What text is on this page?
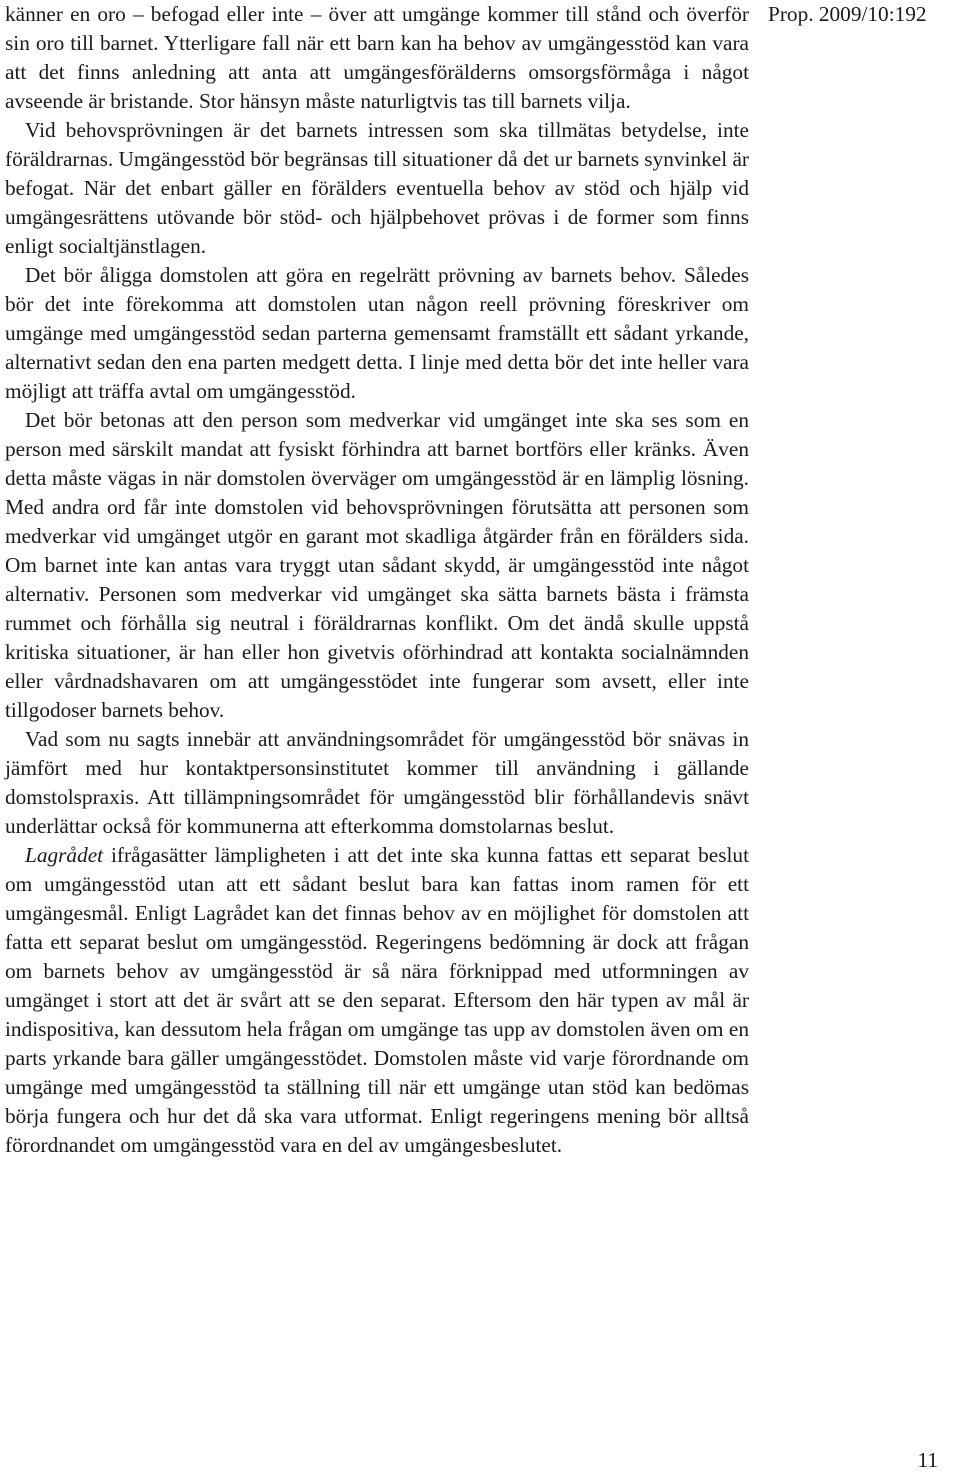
känner en oro – befogad eller inte – över att umgänge kommer till stånd och överför sin oro till barnet. Ytterligare fall när ett barn kan ha behov av umgängesstöd kan vara att det finns anledning att anta att umgängesförälderns omsorgsförmåga i något avseende är bristande. Stor hänsyn måste naturligtvis tas till barnets vilja.

Vid behovsprövningen är det barnets intressen som ska tillmätas betydelse, inte föräldrarnas. Umgängesstöd bör begränsas till situationer då det ur barnets synvinkel är befogat. När det enbart gäller en förälders eventuella behov av stöd och hjälp vid umgängesrättens utövande bör stöd- och hjälpbehovet prövas i de former som finns enligt socialtjänstlagen.

Det bör åligga domstolen att göra en regelrätt prövning av barnets behov. Således bör det inte förekomma att domstolen utan någon reell prövning föreskriver om umgänge med umgängesstöd sedan parterna gemensamt framställt ett sådant yrkande, alternativt sedan den ena parten medgett detta. I linje med detta bör det inte heller vara möjligt att träffa avtal om umgängesstöd.

Det bör betonas att den person som medverkar vid umgänget inte ska ses som en person med särskilt mandat att fysiskt förhindra att barnet bortförs eller kränks. Även detta måste vägas in när domstolen överväger om umgängesstöd är en lämplig lösning. Med andra ord får inte domstolen vid behovsprövningen förutsätta att personen som medverkar vid umgänget utgör en garant mot skadliga åtgärder från en förälders sida. Om barnet inte kan antas vara tryggt utan sådant skydd, är umgängesstöd inte något alternativ. Personen som medverkar vid umgänget ska sätta barnets bästa i främsta rummet och förhålla sig neutral i föräldrarnas konflikt. Om det ändå skulle uppstå kritiska situationer, är han eller hon givetvis oförhindrad att kontakta socialnämnden eller vårdnadshavaren om att umgängesstödet inte fungerar som avsett, eller inte tillgodoser barnets behov.

Vad som nu sagts innebär att användningsområdet för umgängesstöd bör snävas in jämfört med hur kontaktpersonsinstitutet kommer till användning i gällande domstolspraxis. Att tillämpningsområdet för umgängesstöd blir förhållandevis snävt underlättar också för kommunerna att efterkomma domstolarnas beslut.

Lagrådet ifrågasätter lämpligheten i att det inte ska kunna fattas ett separat beslut om umgängesstöd utan att ett sådant beslut bara kan fattas inom ramen för ett umgängesmål. Enligt Lagrådet kan det finnas behov av en möjlighet för domstolen att fatta ett separat beslut om umgängesstöd. Regeringens bedömning är dock att frågan om barnets behov av umgängesstöd är så nära förknippad med utformningen av umgänget i stort att det är svårt att se den separat. Eftersom den här typen av mål är indispositiva, kan dessutom hela frågan om umgänge tas upp av domstolen även om en parts yrkande bara gäller umgängesstödet. Domstolen måste vid varje förordnande om umgänge med umgängesstöd ta ställning till när ett umgänge utan stöd kan bedömas börja fungera och hur det då ska vara utformat. Enligt regeringens mening bör alltså förordnandet om umgängesstöd vara en del av umgängesbeslutet.

Prop. 2009/10:192
11
